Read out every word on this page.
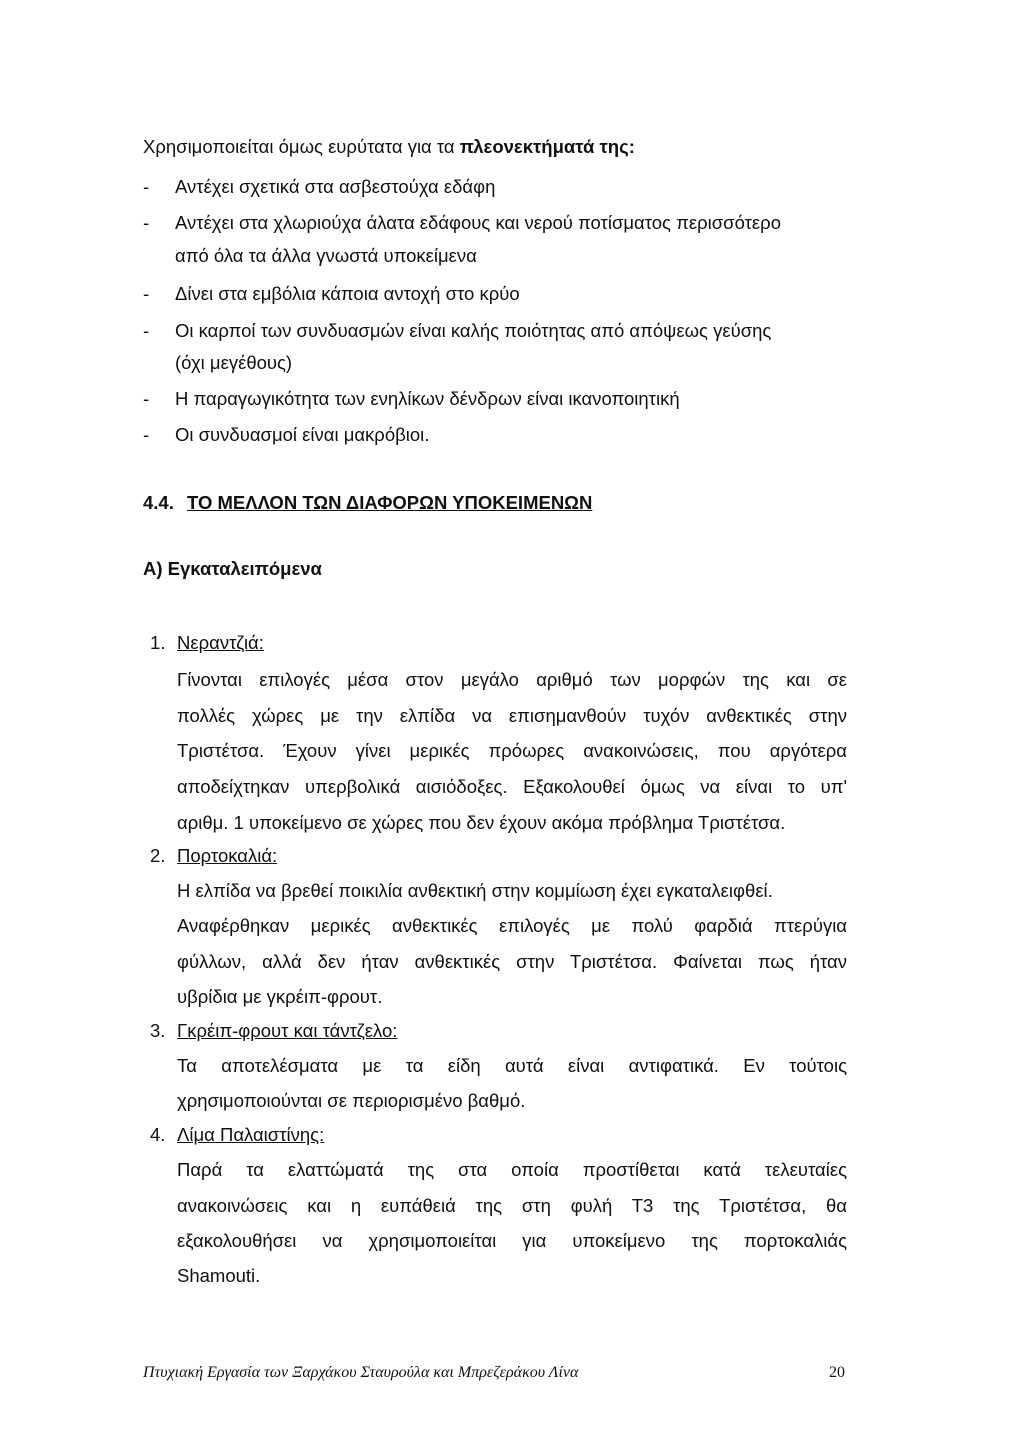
Χρησιμοποιείται όμως ευρύτατα για τα πλεονεκτήματά της:
- Αντέχει σχετικά στα ασβεστούχα εδάφη
- Αντέχει στα χλωριούχα άλατα εδάφους και νερού ποτίσματος περισσότερο
από όλα τα άλλα γνωστά υποκείμενα
- Δίνει στα εμβόλια κάποια αντοχή στο κρύο
- Οι καρποί των συνδυασμών είναι καλής ποιότητας από απόψεως γεύσης
(όχι μεγέθους)
- Η παραγωγικότητα των ενηλίκων δένδρων είναι ικανοποιητική
- Οι συνδυασμοί είναι μακρόβιοι.
4.4. ΤΟ ΜΕΛΛΟΝ ΤΩΝ ΔΙΑΦΟΡΩΝ ΥΠΟΚΕΙΜΕΝΩΝ
Α) Εγκαταλειπόμενα
1. Νεραντζιά:
Γίνονται επιλογές μέσα στον μεγάλο αριθμό των μορφών της και σε
πολλές χώρες με την ελπίδα να επισημανθούν τυχόν ανθεκτικές στην
Τριστέτσα. Έχουν γίνει μερικές πρόωρες ανακοινώσεις, που αργότερα
αποδείχτηκαν υπερβολικά αισιόδοξες. Εξακολουθεί όμως να είναι το υπ'
αριθμ. 1 υποκείμενο σε χώρες που δεν έχουν ακόμα πρόβλημα Τριστέτσα.
2. Πορτοκαλιά:
Η ελπίδα να βρεθεί ποικιλία ανθεκτική στην κομμίωση έχει εγκαταλειφθεί.
Αναφέρθηκαν μερικές ανθεκτικές επιλογές με πολύ φαρδιά πτερύγια
φύλλων, αλλά δεν ήταν ανθεκτικές στην Τριστέτσα. Φαίνεται πως ήταν
υβρίδια με γκρέιπ-φρουτ.
3. Γκρέιπ-φρουτ και τάντζελο:
Τα αποτελέσματα με τα είδη αυτά είναι αντιφατικά. Εν τούτοις
χρησιμοποιούνται σε περιορισμένο βαθμό.
4. Λίμα Παλαιστίνης:
Παρά τα ελαττώματά της στα οποία προστίθεται κατά τελευταίες
ανακοινώσεις και η ευπάθειά της στη φυλή Τ3 της Τριστέτσα, θα
εξακολουθήσει να χρησιμοποιείται για υποκείμενο της πορτοκαλιάς
Shamouti.
Πτυχιακή Εργασία των Ξαρχάκου Σταυρούλα και Μπρεζεράκου Λίνα	20
